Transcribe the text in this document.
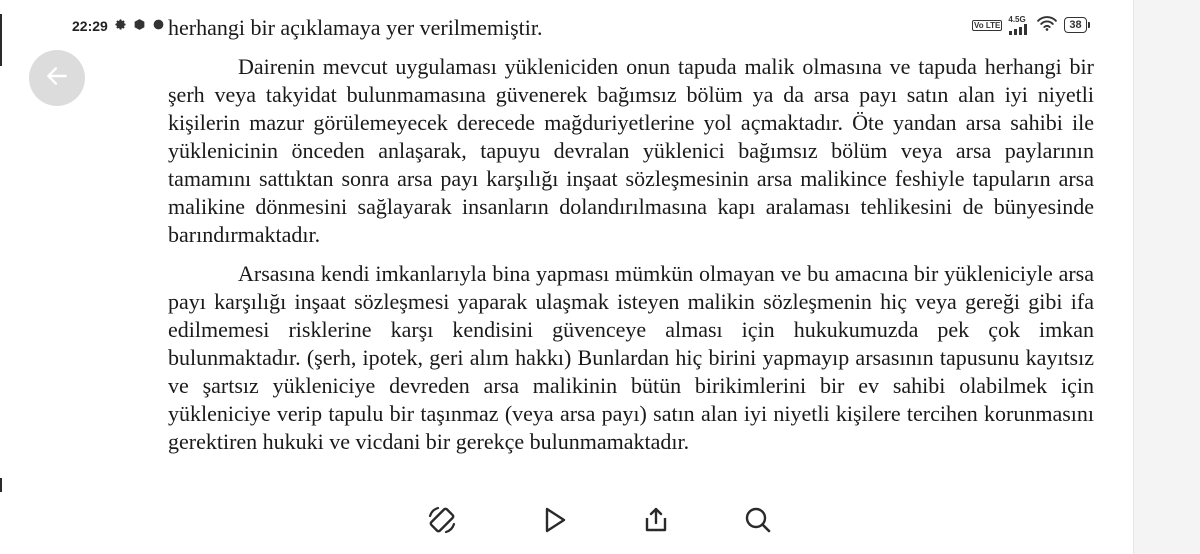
herhangi bir açıklamaya yer verilmemiştir.

Dairenin mevcut uygulaması yükleniciden onun tapuda malik olmasına ve tapuda herhangi bir şerh veya takyidat bulunmamasına güvenerek bağımsız bölüm ya da arsa payı satın alan iyi niyetli kişilerin mazur görülemeyecek derecede mağduriyetlerine yol açmaktadır. Öte yandan arsa sahibi ile yüklenicinin önceden anlaşarak, tapuyu devralan yüklenici bağımsız bölüm veya arsa paylarının tamamını sattıktan sonra arsa payı karşılığı inşaat sözleşmesinin arsa malikince feshiyle tapuların arsa malikine dönmesini sağlayarak insanların dolandırılmasına kapı aralaması tehlikesini de bünyesinde barındırmaktadır.

Arsasına kendi imkanlarıyla bina yapması mümkün olmayan ve bu amacına bir yükleniciyle arsa payı karşılığı inşaat sözleşmesi yaparak ulaşmak isteyen malikin sözleşmenin hiç veya gereği gibi ifa edilmemesi risklerine karşı kendisini güvenceye alması için hukukumuzda pek çok imkan bulunmaktadır. (şerh, ipotek, geri alım hakkı) Bunlardan hiç birini yapmayıp arsasının tapusunu kayıtsız ve şartsız yükleniciye devreden arsa malikinin bütün birikimlerini bir ev sahibi olabilmek için yükleniciye verip tapulu bir taşınmaz (veya arsa payı) satın alan iyi niyetli kişilere tercihen korunmasını gerektiren hukuki ve vicdani bir gerekçe bulunmamaktadır.

22:29	Vo LTE
4.5G	38
